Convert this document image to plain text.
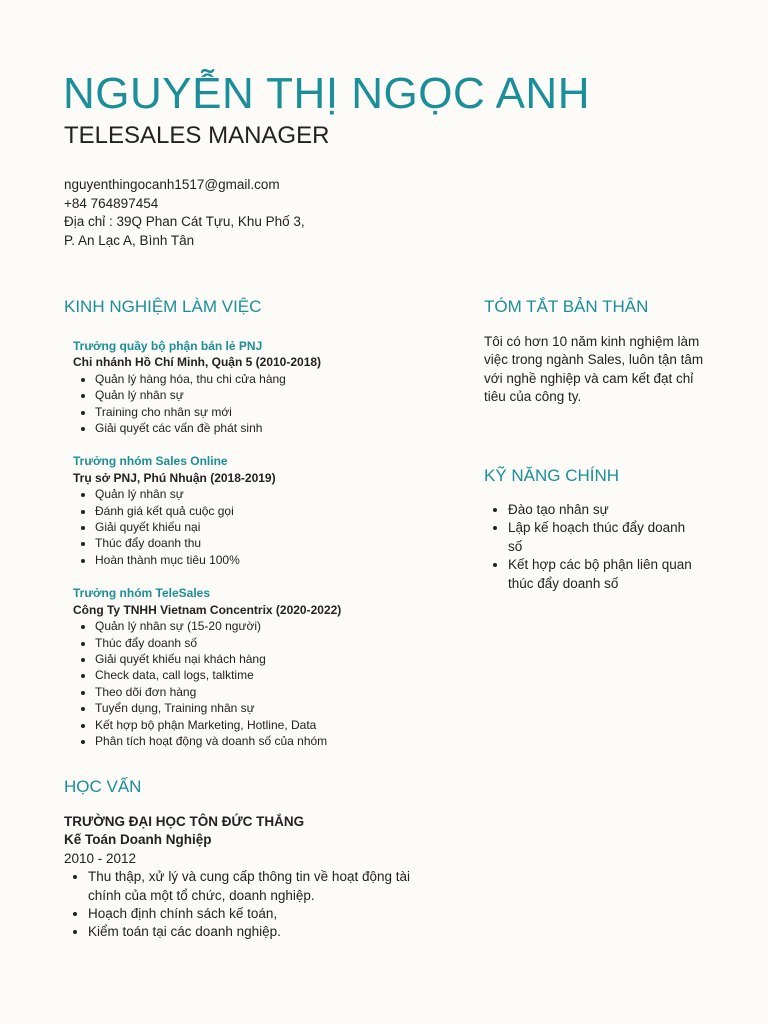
NGUYỄN THỊ NGỌC ANH
TELESALES MANAGER
nguyenthingocanh1517@gmail.com
+84 764897454
Địa chỉ : 39Q Phan Cát Tựu, Khu Phố 3,
P. An Lạc A, Bình Tân
KINH NGHIỆM LÀM VIỆC
Trưởng quầy bộ phận bán lẻ PNJ
Chi nhánh Hồ Chí Minh, Quận 5 (2010-2018)
• Quản lý hàng hóa, thu chi cửa hàng
• Quản lý nhân sự
• Training cho nhân sự mới
• Giải quyết các vấn đề phát sinh
Trưởng nhóm Sales Online
Trụ sở PNJ, Phú Nhuận (2018-2019)
• Quản lý nhân sự
• Đánh giá kết quả cuộc gọi
• Giải quyết khiếu nại
• Thúc đẩy doanh thu
• Hoàn thành mục tiêu 100%
Trưởng nhóm TeleSales
Công Ty TNHH Vietnam Concentrix (2020-2022)
• Quản lý nhân sự (15-20 người)
• Thúc đẩy doanh số
• Giải quyết khiếu nại khách hàng
• Check data, call logs, talktime
• Theo dõi đơn hàng
• Tuyển dụng, Training nhân sự
• Kết hợp bộ phận Marketing, Hotline, Data
• Phân tích hoạt động và doanh số của nhóm
HỌC VẤN
TRƯỜNG ĐẠI HỌC TÔN ĐỨC THẮNG
Kế Toán Doanh Nghiệp
2010 - 2012
• Thu thập, xử lý và cung cấp thông tin về hoạt động tài chính của một tổ chức, doanh nghiệp.
• Hoạch định chính sách kế toán,
• Kiểm toán tại các doanh nghiệp.
TÓM TẮT BẢN THÂN
Tôi có hơn 10 năm kinh nghiệm làm việc trong ngành Sales, luôn tận tâm với nghề nghiệp và cam kết đạt chỉ tiêu của công ty.
KỸ NĂNG CHÍNH
• Đào tạo nhân sự
• Lập kế hoạch thúc đẩy doanh số
• Kết hợp các bộ phận liên quan thúc đẩy doanh số
